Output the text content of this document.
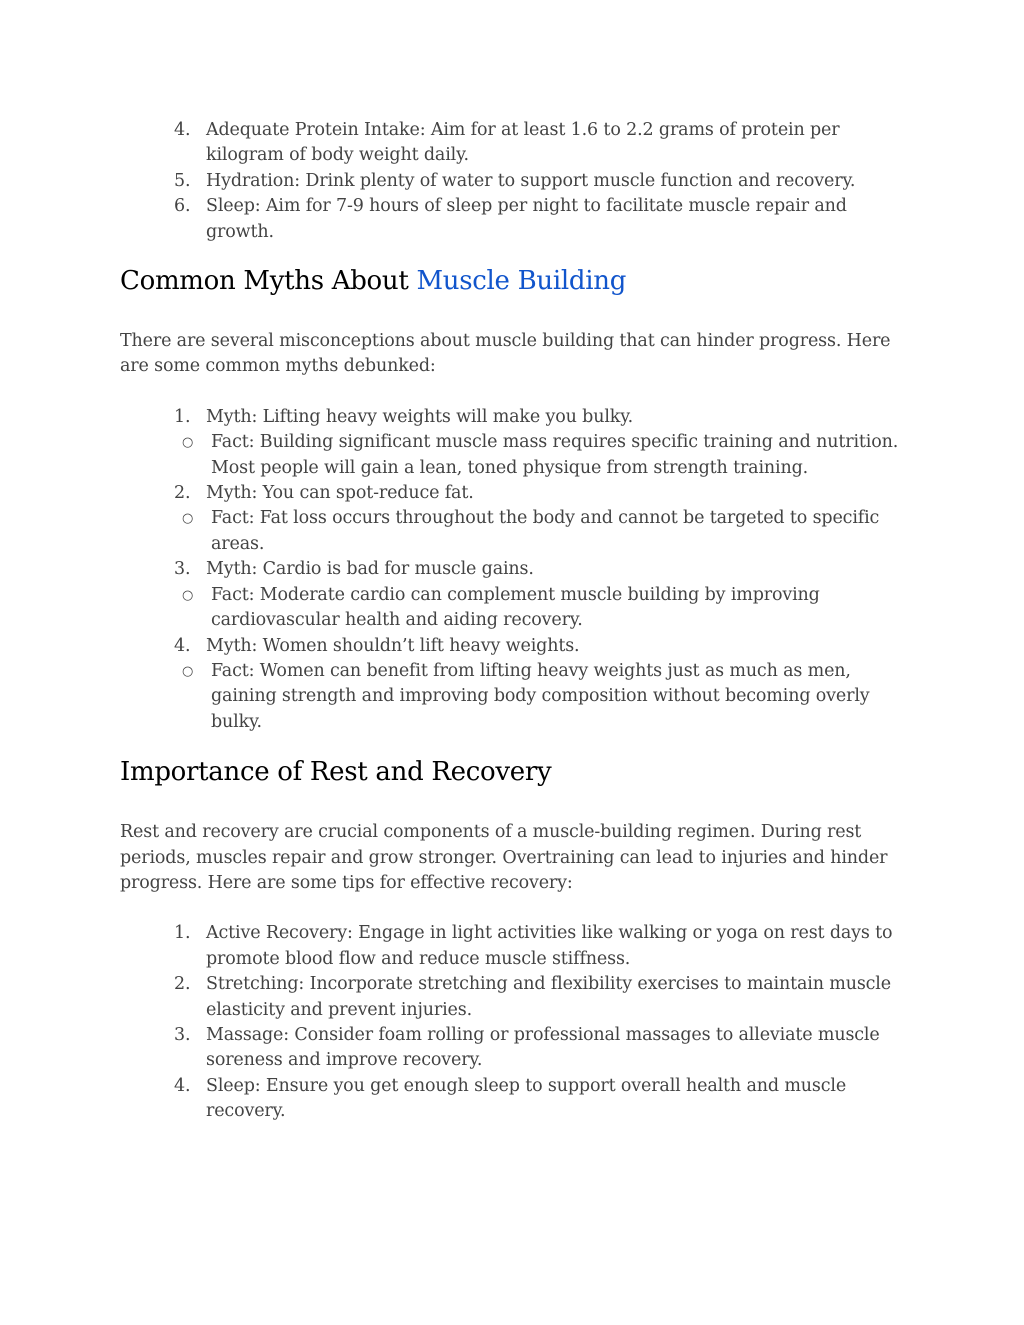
4. Adequate Protein Intake: Aim for at least 1.6 to 2.2 grams of protein per kilogram of body weight daily.
5. Hydration: Drink plenty of water to support muscle function and recovery.
6. Sleep: Aim for 7-9 hours of sleep per night to facilitate muscle repair and growth.
Common Myths About Muscle Building

There are several misconceptions about muscle building that can hinder progress. Here are some common myths debunked:

1. Myth: Lifting heavy weights will make you bulky.
○ Fact: Building significant muscle mass requires specific training and nutrition. Most people will gain a lean, toned physique from strength training.
2. Myth: You can spot-reduce fat.
○ Fact: Fat loss occurs throughout the body and cannot be targeted to specific areas.
3. Myth: Cardio is bad for muscle gains.
○ Fact: Moderate cardio can complement muscle building by improving cardiovascular health and aiding recovery.
4. Myth: Women shouldn’t lift heavy weights.
○ Fact: Women can benefit from lifting heavy weights just as much as men, gaining strength and improving body composition without becoming overly bulky.
Importance of Rest and Recovery

Rest and recovery are crucial components of a muscle-building regimen. During rest periods, muscles repair and grow stronger. Overtraining can lead to injuries and hinder progress. Here are some tips for effective recovery:

1. Active Recovery: Engage in light activities like walking or yoga on rest days to promote blood flow and reduce muscle stiffness.
2. Stretching: Incorporate stretching and flexibility exercises to maintain muscle elasticity and prevent injuries.
3. Massage: Consider foam rolling or professional massages to alleviate muscle soreness and improve recovery.
4. Sleep: Ensure you get enough sleep to support overall health and muscle recovery.
